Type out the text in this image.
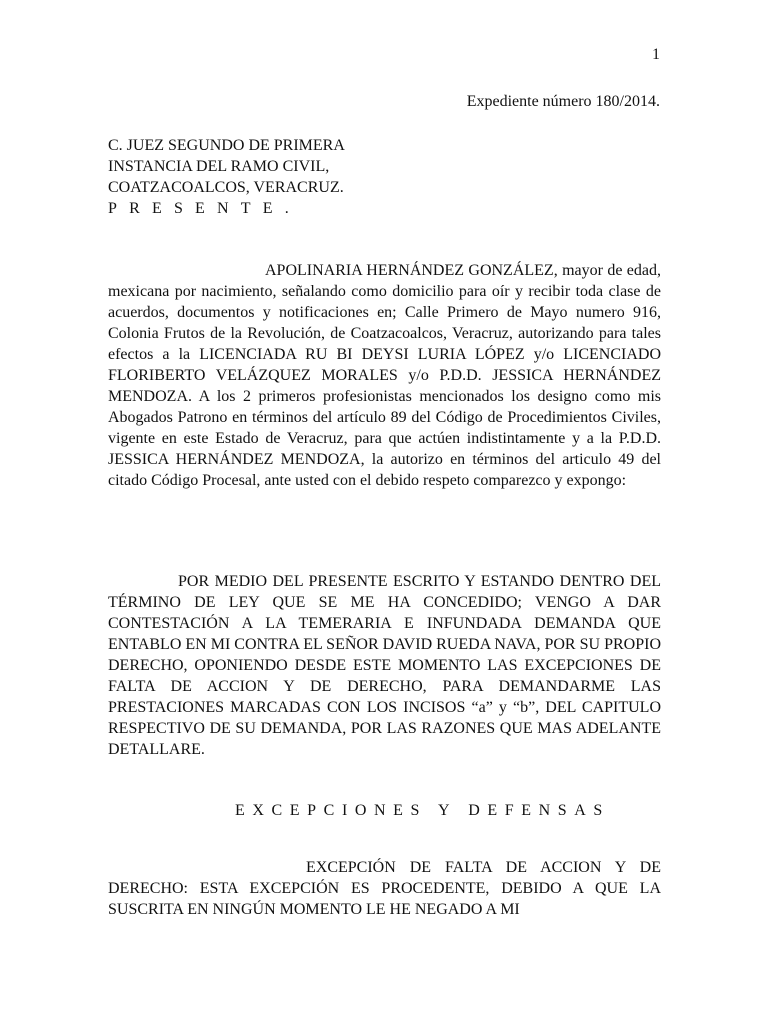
1
Expediente número 180/2014.
C. JUEZ SEGUNDO DE PRIMERA
INSTANCIA DEL RAMO CIVIL,
COATZACOALCOS, VERACRUZ.
PRESENTE.
APOLINARIA HERNÁNDEZ GONZÁLEZ, mayor de edad, mexicana por nacimiento, señalando como domicilio para oír y recibir toda clase de acuerdos, documentos y notificaciones en; Calle Primero de Mayo numero 916, Colonia Frutos de la Revolución, de Coatzacoalcos, Veracruz, autorizando para tales efectos a la LICENCIADA RU BI DEYSI LURIA LÓPEZ y/o LICENCIADO FLORIBERTO VELÁZQUEZ MORALES y/o P.D.D. JESSICA HERNÁNDEZ MENDOZA. A los 2 primeros profesionistas mencionados los designo como mis Abogados Patrono en términos del artículo 89 del Código de Procedimientos Civiles, vigente en este Estado de Veracruz, para que actúen indistintamente y a la P.D.D. JESSICA HERNÁNDEZ MENDOZA, la autorizo en términos del articulo 49 del citado Código Procesal, ante usted con el debido respeto comparezco y expongo:
POR MEDIO DEL PRESENTE ESCRITO Y ESTANDO DENTRO DEL TÉRMINO DE LEY QUE SE ME HA CONCEDIDO; VENGO A DAR CONTESTACIÓN A LA TEMERARIA E INFUNDADA DEMANDA QUE ENTABLO EN MI CONTRA EL SEÑOR DAVID RUEDA NAVA, POR SU PROPIO DERECHO, OPONIENDO DESDE ESTE MOMENTO LAS EXCEPCIONES DE FALTA DE ACCION Y DE DERECHO, PARA DEMANDARME LAS PRESTACIONES MARCADAS CON LOS INCISOS “a” y “b”, DEL CAPITULO RESPECTIVO DE SU DEMANDA, POR LAS RAZONES QUE MAS ADELANTE DETALLARE.
EXCEPCIONES Y DEFENSAS
EXCEPCIÓN DE FALTA DE ACCION Y DE DERECHO: ESTA EXCEPCIÓN ES PROCEDENTE, DEBIDO A QUE LA SUSCRITA EN NINGÚN MOMENTO LE HE NEGADO A MI
